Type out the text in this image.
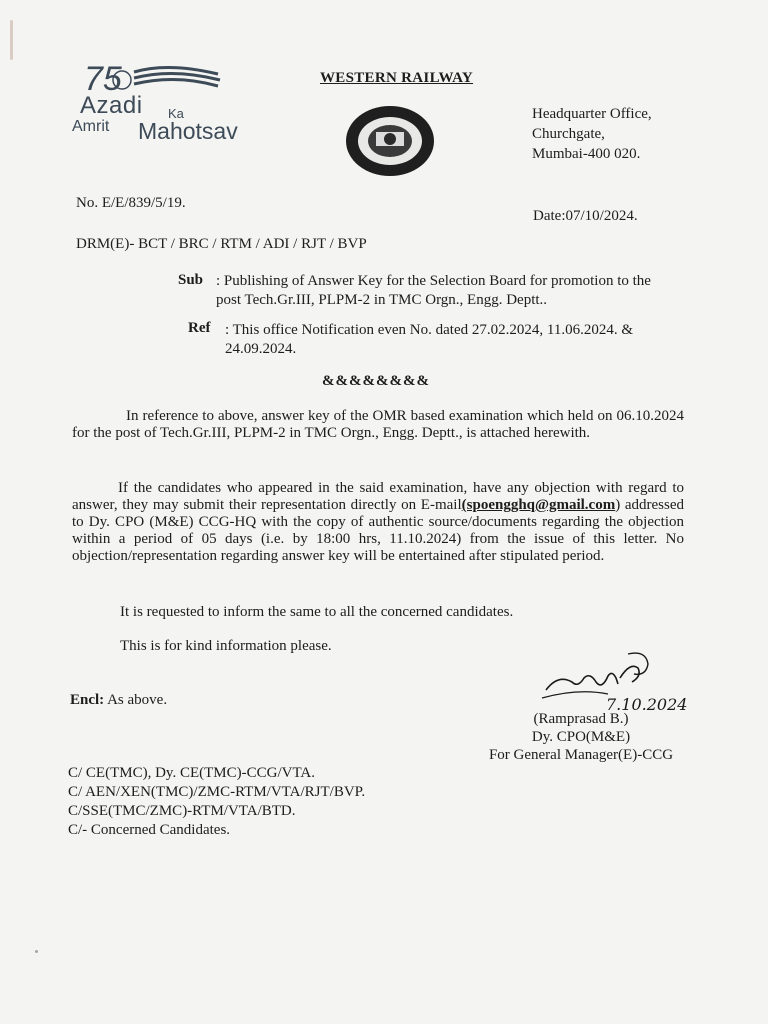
75
Azadi Ka
Amrit Mahotsav
WESTERN RAILWAY
Headquarter Office,
Churchgate,
Mumbai-400 020.
No. E/E/839/5/19.
Date:07/10/2024.
DRM(E)- BCT / BRC / RTM / ADI / RJT / BVP
Sub : Publishing of Answer Key for the Selection Board for promotion to the post Tech.Gr.III, PLPM-2 in TMC Orgn., Engg. Deptt..
Ref : This office Notification even No. dated 27.02.2024, 11.06.2024. & 24.09.2024.
&&&&&&&&
In reference to above, answer key of the OMR based examination which held on 06.10.2024 for the post of Tech.Gr.III, PLPM-2 in TMC Orgn., Engg. Deptt., is attached herewith.
If the candidates who appeared in the said examination, have any objection with regard to answer, they may submit their representation directly on E-mail(spoengghq@gmail.com) addressed to Dy. CPO (M&E) CCG-HQ with the copy of authentic source/documents regarding the objection within a period of 05 days (i.e. by 18:00 hrs, 11.10.2024) from the issue of this letter. No objection/representation regarding answer key will be entertained after stipulated period.
It is requested to inform the same to all the concerned candidates.
This is for kind information please.
Encl: As above.	7.10.2024
(Ramprasad B.)
Dy. CPO(M&E)
For General Manager(E)-CCG
C/ CE(TMC), Dy. CE(TMC)-CCG/VTA.
C/ AEN/XEN(TMC)/ZMC-RTM/VTA/RJT/BVP.
C/SSE(TMC/ZMC)-RTM/VTA/BTD.
C/- Concerned Candidates.
